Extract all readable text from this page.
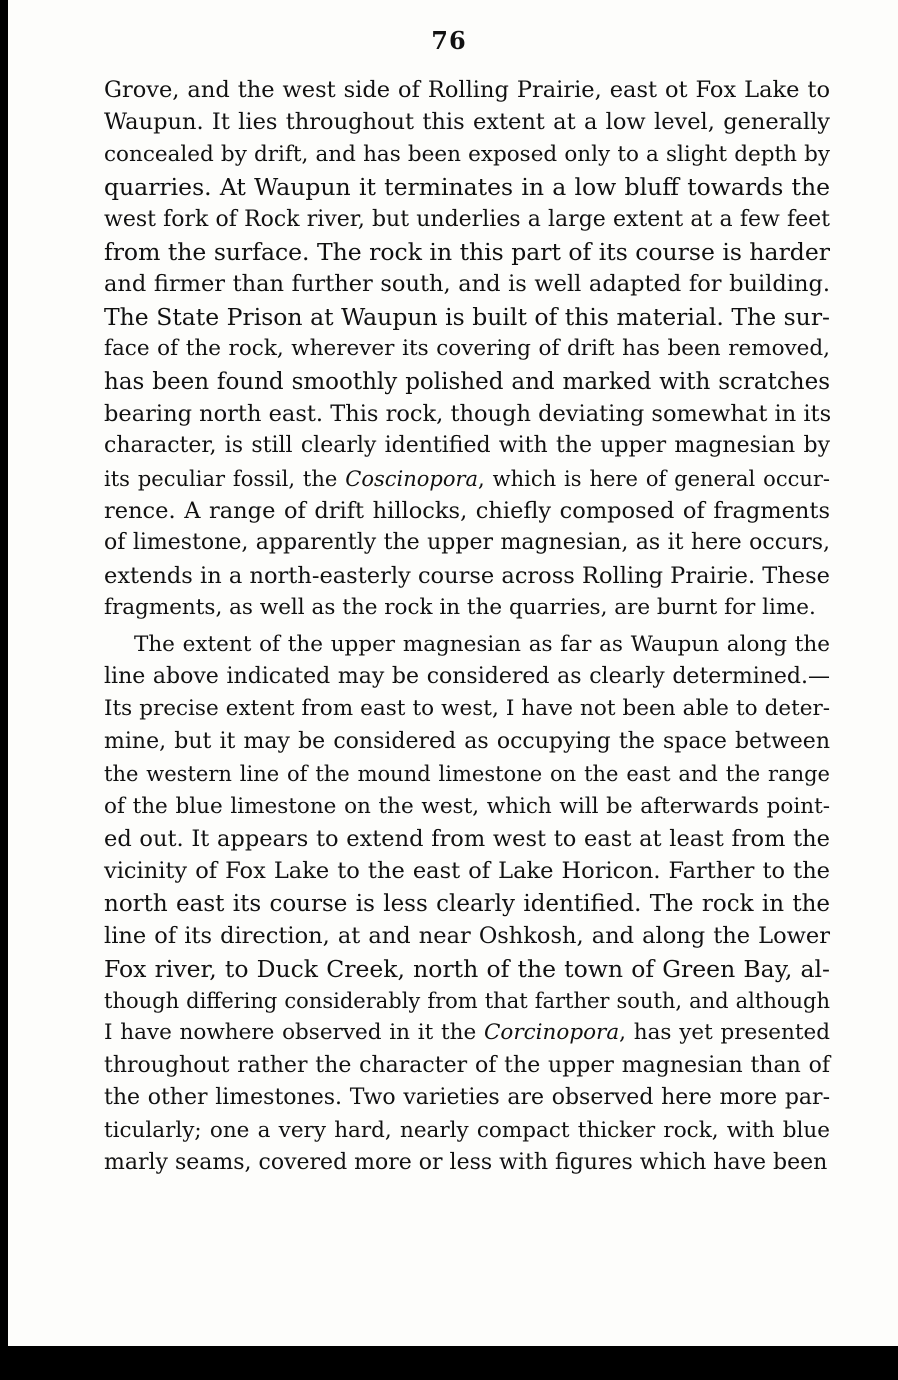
76
Grove, and the west side of Rolling Prairie, east ot Fox Lake to
Waupun. It lies throughout this extent at a low level, generally
concealed by drift, and has been exposed only to a slight depth by
quarries. At Waupun it terminates in a low bluff towards the
west fork of Rock river, but underlies a large extent at a few feet
from the surface. The rock in this part of its course is harder
and firmer than further south, and is well adapted for building.
The State Prison at Waupun is built of this material. The sur-
face of the rock, wherever its covering of drift has been removed,
has been found smoothly polished and marked with scratches
bearing north east. This rock, though deviating somewhat in its
character, is still clearly identified with the upper magnesian by
its peculiar fossil, the Coscinopora, which is here of general occur-
rence. A range of drift hillocks, chiefly composed of fragments
of limestone, apparently the upper magnesian, as it here occurs,
extends in a north-easterly course across Rolling Prairie. These
fragments, as well as the rock in the quarries, are burnt for lime.
The extent of the upper magnesian as far as Waupun along the
line above indicated may be considered as clearly determined.—
Its precise extent from east to west, I have not been able to deter-
mine, but it may be considered as occupying the space between
the western line of the mound limestone on the east and the range
of the blue limestone on the west, which will be afterwards point-
ed out. It appears to extend from west to east at least from the
vicinity of Fox Lake to the east of Lake Horicon. Farther to the
north east its course is less clearly identified. The rock in the
line of its direction, at and near Oshkosh, and along the Lower
Fox river, to Duck Creek, north of the town of Green Bay, al-
though differing considerably from that farther south, and although
I have nowhere observed in it the Corcinopora, has yet presented
throughout rather the character of the upper magnesian than of
the other limestones. Two varieties are observed here more par-
ticularly; one a very hard, nearly compact thicker rock, with blue
marly seams, covered more or less with figures which have been
